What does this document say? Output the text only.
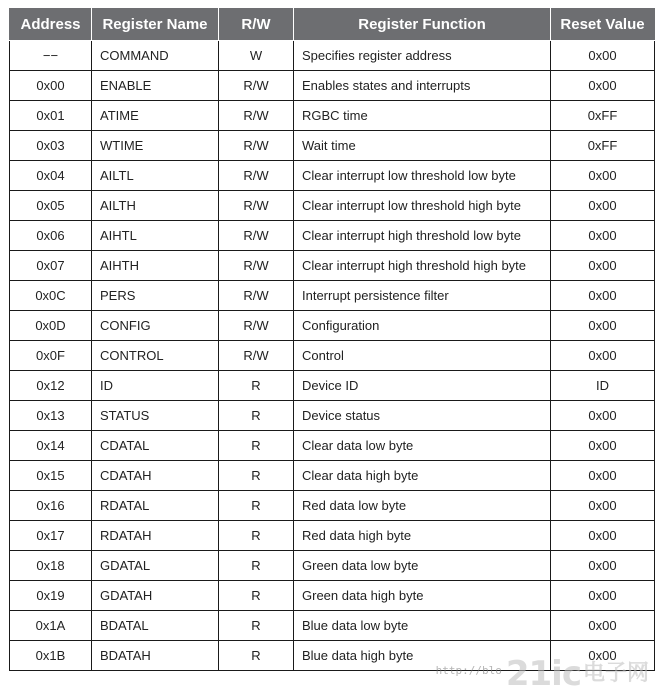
Address	Register Name	R/W	Register Function	Reset Value
−−	COMMAND	W	Specifies register address	0x00
0x00	ENABLE	R/W	Enables states and interrupts	0x00
0x01	ATIME	R/W	RGBC time	0xFF
0x03	WTIME	R/W	Wait time	0xFF
0x04	AILTL	R/W	Clear interrupt low threshold low byte	0x00
0x05	AILTH	R/W	Clear interrupt low threshold high byte	0x00
0x06	AIHTL	R/W	Clear interrupt high threshold low byte	0x00
0x07	AIHTH	R/W	Clear interrupt high threshold high byte	0x00
0x0C	PERS	R/W	Interrupt persistence filter	0x00
0x0D	CONFIG	R/W	Configuration	0x00
0x0F	CONTROL	R/W	Control	0x00
0x12	ID	R	Device ID	ID
0x13	STATUS	R	Device status	0x00
0x14	CDATAL	R	Clear data low byte	0x00
0x15	CDATAH	R	Clear data high byte	0x00
0x16	RDATAL	R	Red data low byte	0x00
0x17	RDATAH	R	Red data high byte	0x00
0x18	GDATAL	R	Green data low byte	0x00
0x19	GDATAH	R	Green data high byte	0x00
0x1A	BDATAL	R	Blue data low byte	0x00
0x1B	BDATAH	R	Blue data high byte	0x00
http://blo 21ic 电子网
